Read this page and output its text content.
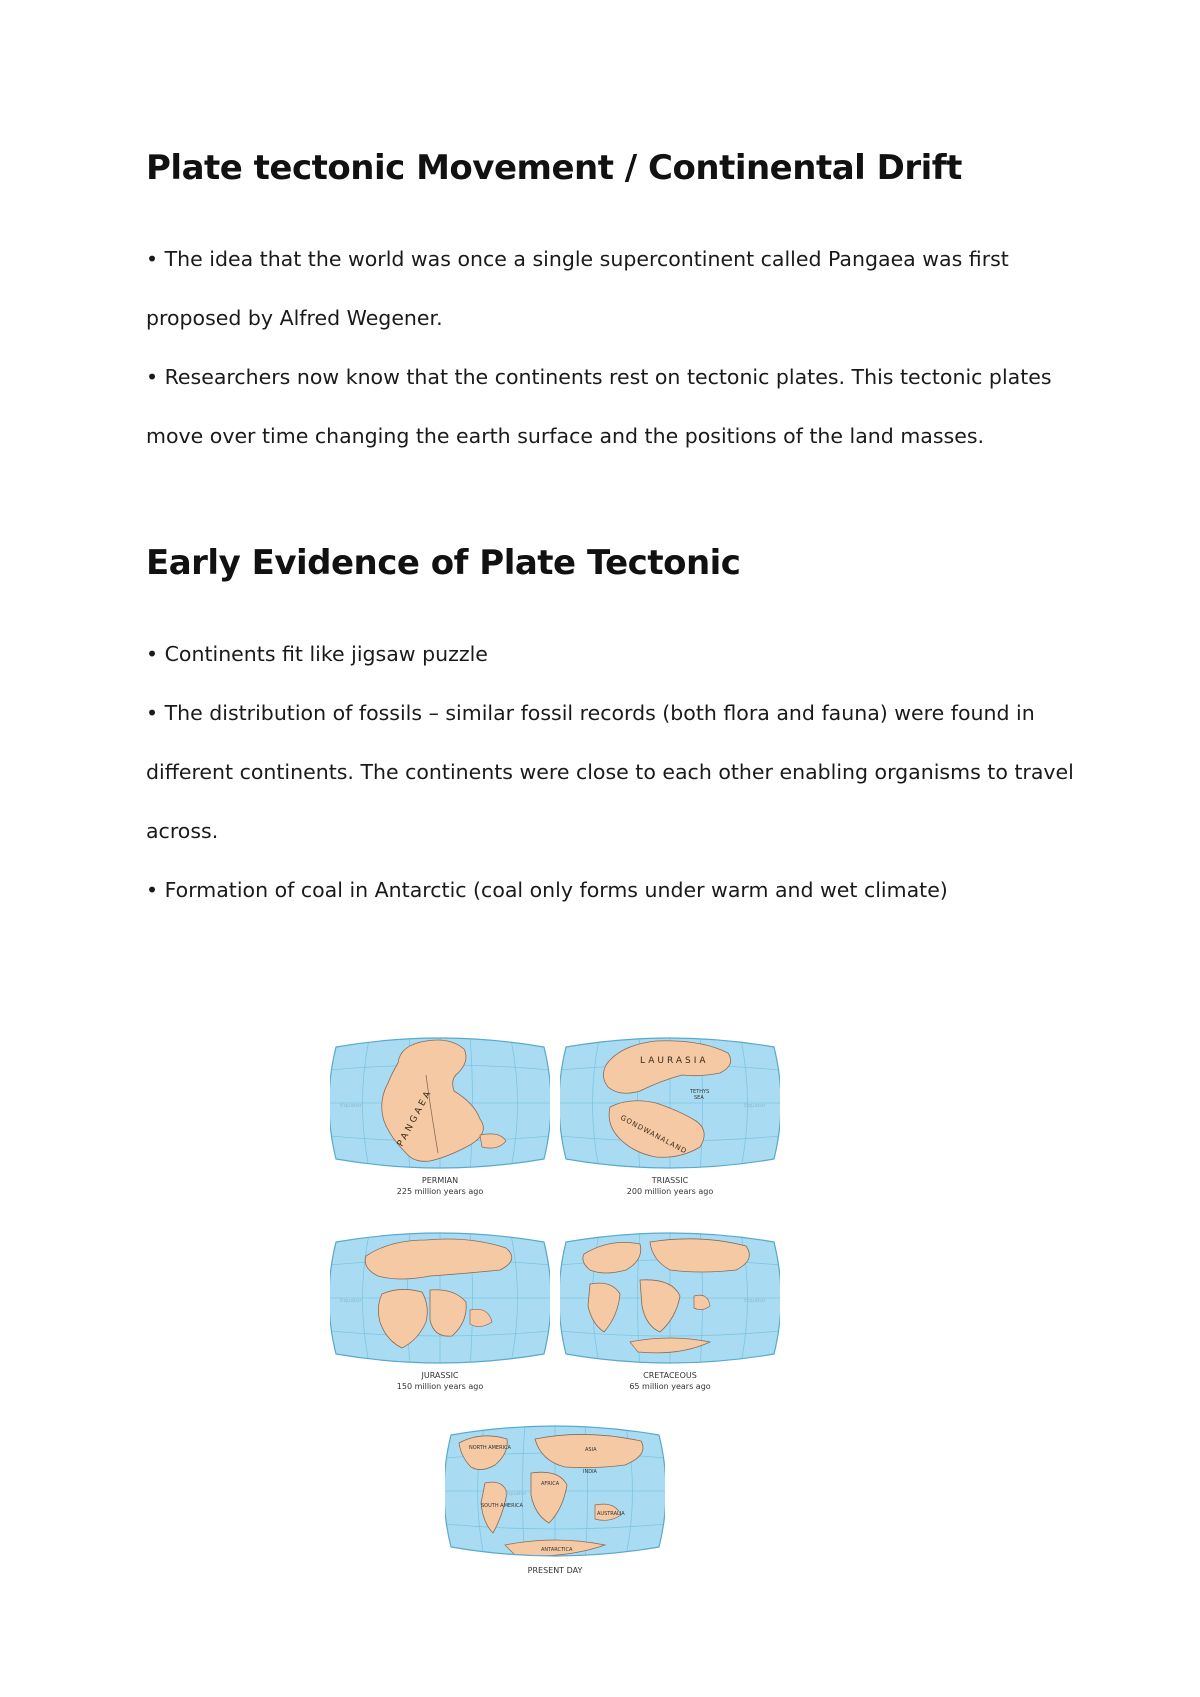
Plate tectonic Movement / Continental Drift

• The idea that the world was once a single supercontinent called Pangaea was first proposed by Alfred Wegener.

• Researchers now know that the continents rest on tectonic plates. This tectonic plates move over time changing the earth surface and the positions of the land masses.

Early Evidence of Plate Tectonic

• Continents fit like jigsaw puzzle

• The distribution of fossils – similar fossil records (both flora and fauna) were found in different continents. The continents were close to each other enabling organisms to travel across.

• Formation of coal in Antarctic (coal only forms under warm and wet climate)

Equator	PANGAEA
PERMIAN
225 million years ago
Equator
LAURASIA
TETHYS
SEA
GONDWANALAND
TRIASSIC
200 million years ago
Equator
JURASSIC
150 million years ago
Equator
CRETACEOUS
65 million years ago
Equator
NORTH AMERICA
SOUTH AMERICA
AFRICA
ASIA
INDIA
AUSTRALIA
ANTARCTICA
PRESENT DAY
